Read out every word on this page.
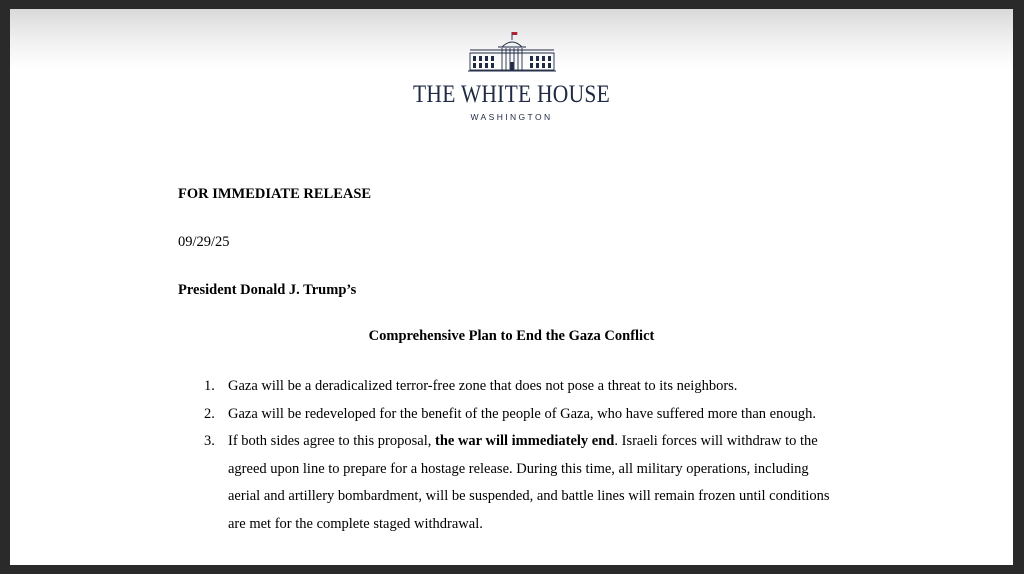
THE WHITE HOUSE
WASHINGTON
FOR IMMEDIATE RELEASE
09/29/25
President Donald J. Trump’s
Comprehensive Plan to End the Gaza Conflict
1. Gaza will be a deradicalized terror-free zone that does not pose a threat to its neighbors.
2. Gaza will be redeveloped for the benefit of the people of Gaza, who have suffered more than enough.
3. If both sides agree to this proposal, the war will immediately end. Israeli forces will withdraw to the agreed upon line to prepare for a hostage release. During this time, all military operations, including aerial and artillery bombardment, will be suspended, and battle lines will remain frozen until conditions are met for the complete staged withdrawal.
